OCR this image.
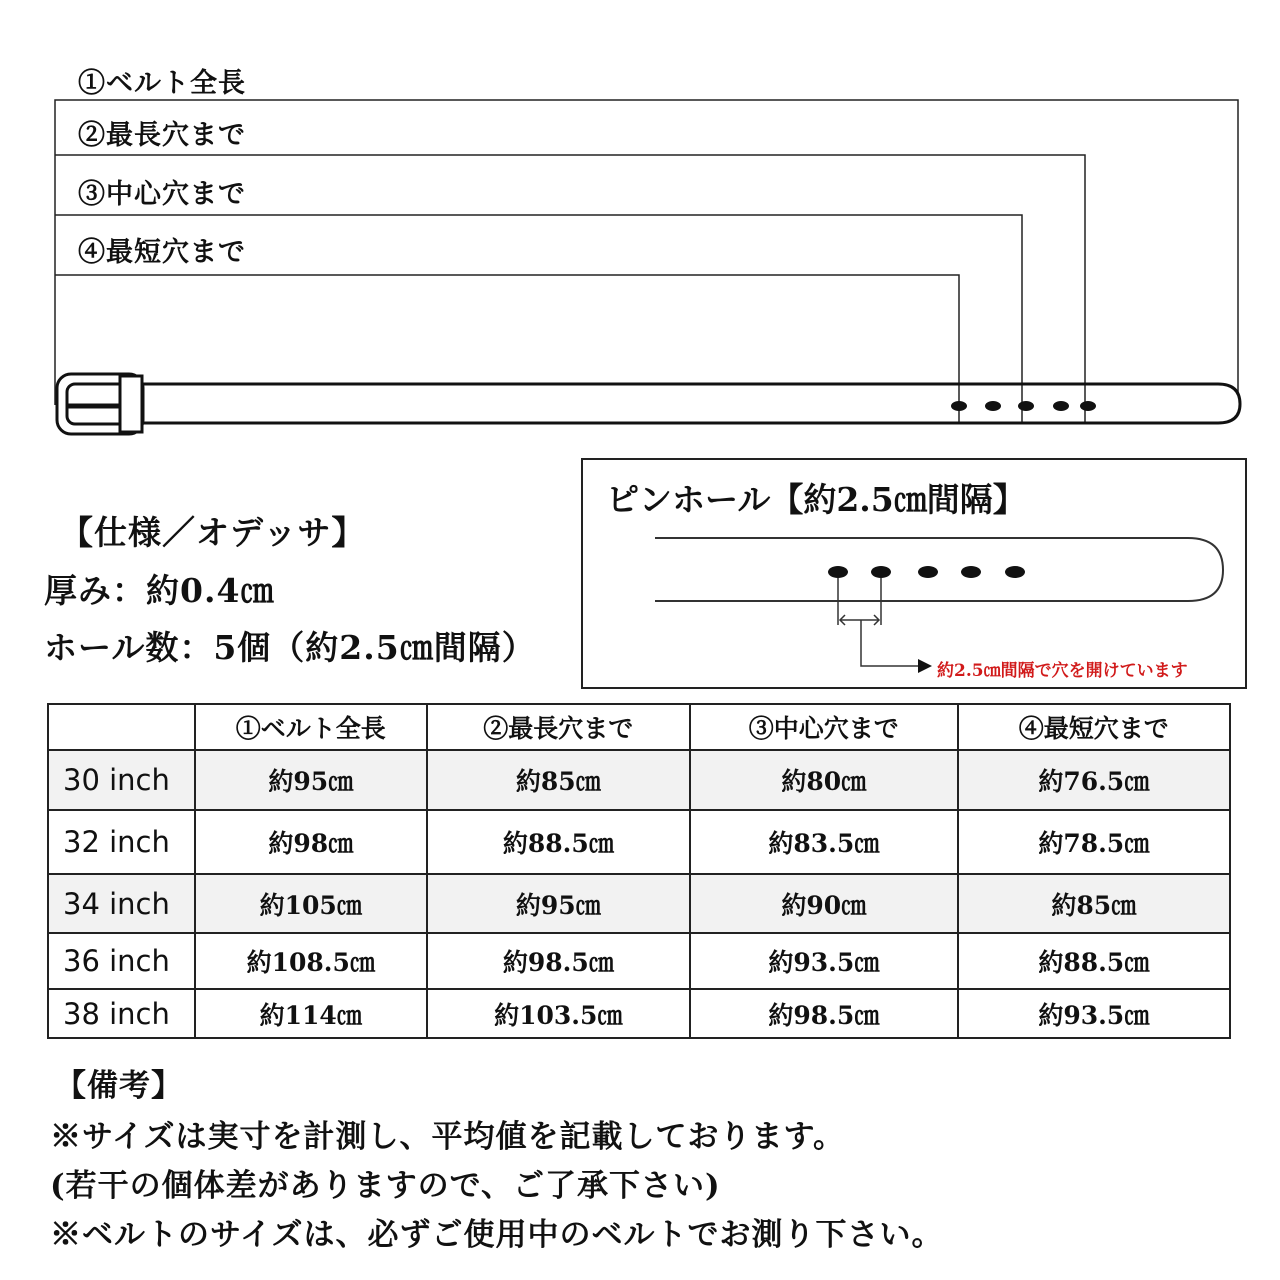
①ベルト全長
②最長穴まで
③中心穴まで
④最短穴まで
【仕様／オデッサ】
厚み：約0.4㎝
ホール数：5個（約2.5㎝間隔）
ピンホール【約2.5㎝間隔】
約2.5㎝間隔で穴を開けています
	①ベルト全長	②最長穴まで	③中心穴まで	④最短穴まで
30 inch	約95㎝	約85㎝	約80㎝	約76.5㎝
32 inch	約98㎝	約88.5㎝	約83.5㎝	約78.5㎝
34 inch	約105㎝	約95㎝	約90㎝	約85㎝
36 inch	約108.5㎝	約98.5㎝	約93.5㎝	約88.5㎝
38 inch	約114㎝	約103.5㎝	約98.5㎝	約93.5㎝
【備考】
※サイズは実寸を計測し、平均値を記載しております。
(若干の個体差がありますので、ご了承下さい)
※ベルトのサイズは、必ずご使用中のベルトでお測り下さい。
